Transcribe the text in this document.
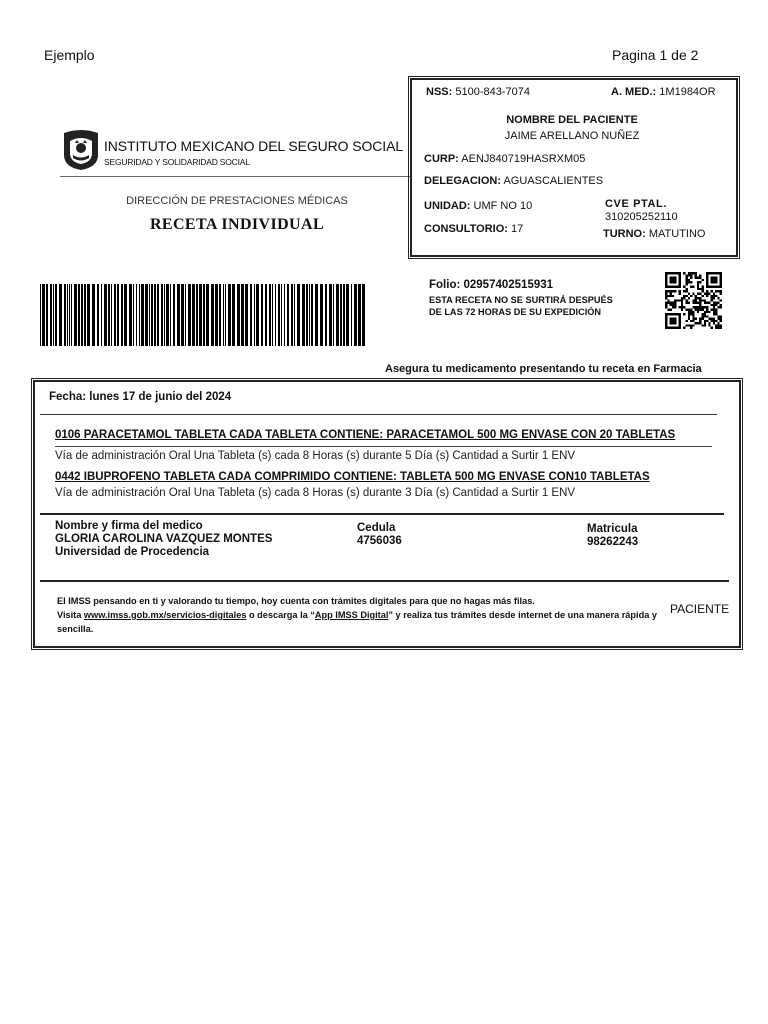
Ejemplo	Pagina 1 de 2
INSTITUTO MEXICANO DEL SEGURO SOCIAL
SEGURIDAD Y SOLIDARIDAD SOCIAL
DIRECCIÓN DE PRESTACIONES MÉDICAS
RECETA INDIVIDUAL
NSS: 5100-843-7074	A. MED.: 1M1984OR
NOMBRE DEL PACIENTE
JAIME ARELLANO NUÑEZ
CURP: AENJ840719HASRXM05
DELEGACION: AGUASCALIENTES
UNIDAD: UMF NO 10	CVE PTAL.
310205252110
CONSULTORIO: 17	TURNO: MATUTINO
Folio: 02957402515931
ESTA RECETA NO SE SURTIRÁ DESPUÉS
DE LAS 72 HORAS DE SU EXPEDICIÓN
Asegura tu medicamento presentando tu receta en Farmacia
Fecha: lunes 17 de junio del 2024
0106 PARACETAMOL TABLETA CADA TABLETA CONTIENE: PARACETAMOL 500 MG ENVASE CON 20 TABLETAS
Vía de administración Oral Una Tableta (s) cada 8 Horas (s) durante 5 Día (s) Cantidad a Surtir 1 ENV
0442 IBUPROFENO TABLETA CADA COMPRIMIDO CONTIENE: TABLETA 500 MG ENVASE CON10 TABLETAS
Vía de administración Oral Una Tableta (s) cada 8 Horas (s) durante 3 Día (s) Cantidad a Surtir 1 ENV
Nombre y firma del medico
GLORIA CAROLINA VAZQUEZ MONTES
Universidad de Procedencia
Cedula
4756036
Matricula
98262243
El IMSS pensando en ti y valorando tu tiempo, hoy cuenta con trámites digitales para que no hagas más filas.
Visita www.imss.gob.mx/servicios-digitales o descarga la “App IMSS Digital” y realiza tus trámites desde internet de una manera rápida y sencilla.
PACIENTE
